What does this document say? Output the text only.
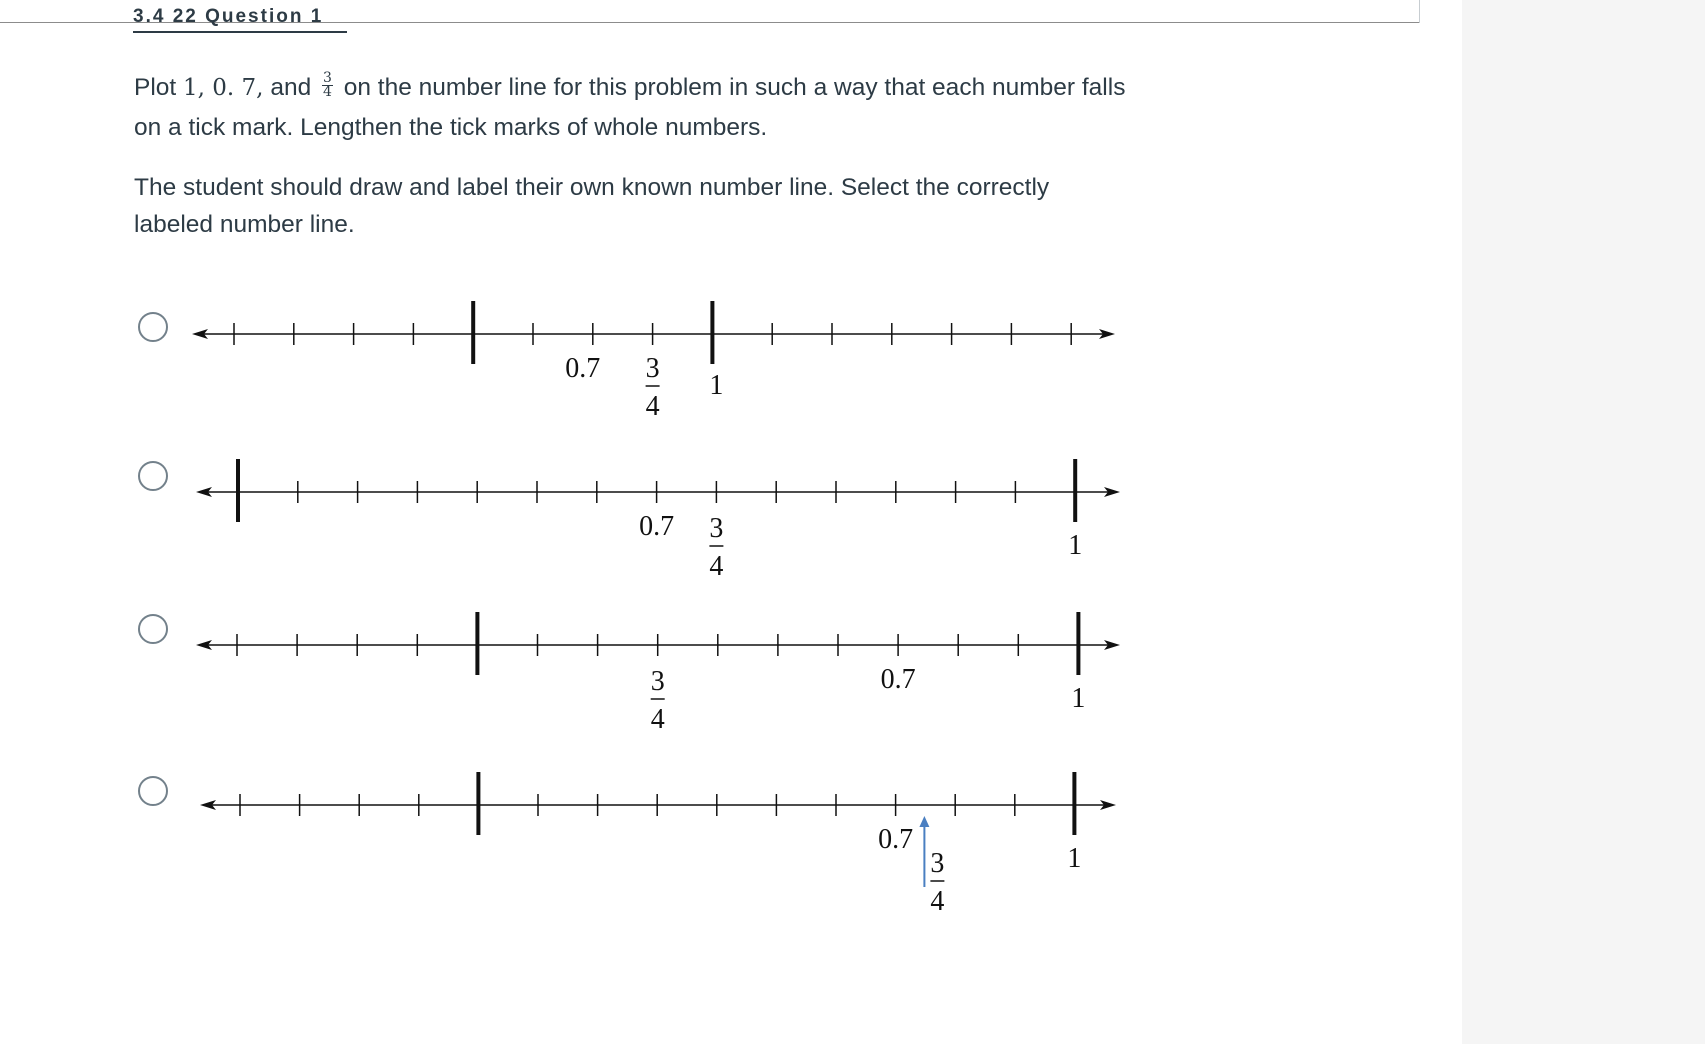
3.4 22 Question 1

Plot 1, 0. 7, and $\frac{3}{4}$ on the number line for this problem in such a way that each number falls on a tick mark. Lengthen the tick marks of whole numbers.

The student should draw and label their own known number line. Select the correctly labeled number line.

0.7 3
4
1
0.7 3
4
1
3
4
0.7
1
0.7
3
4
1
